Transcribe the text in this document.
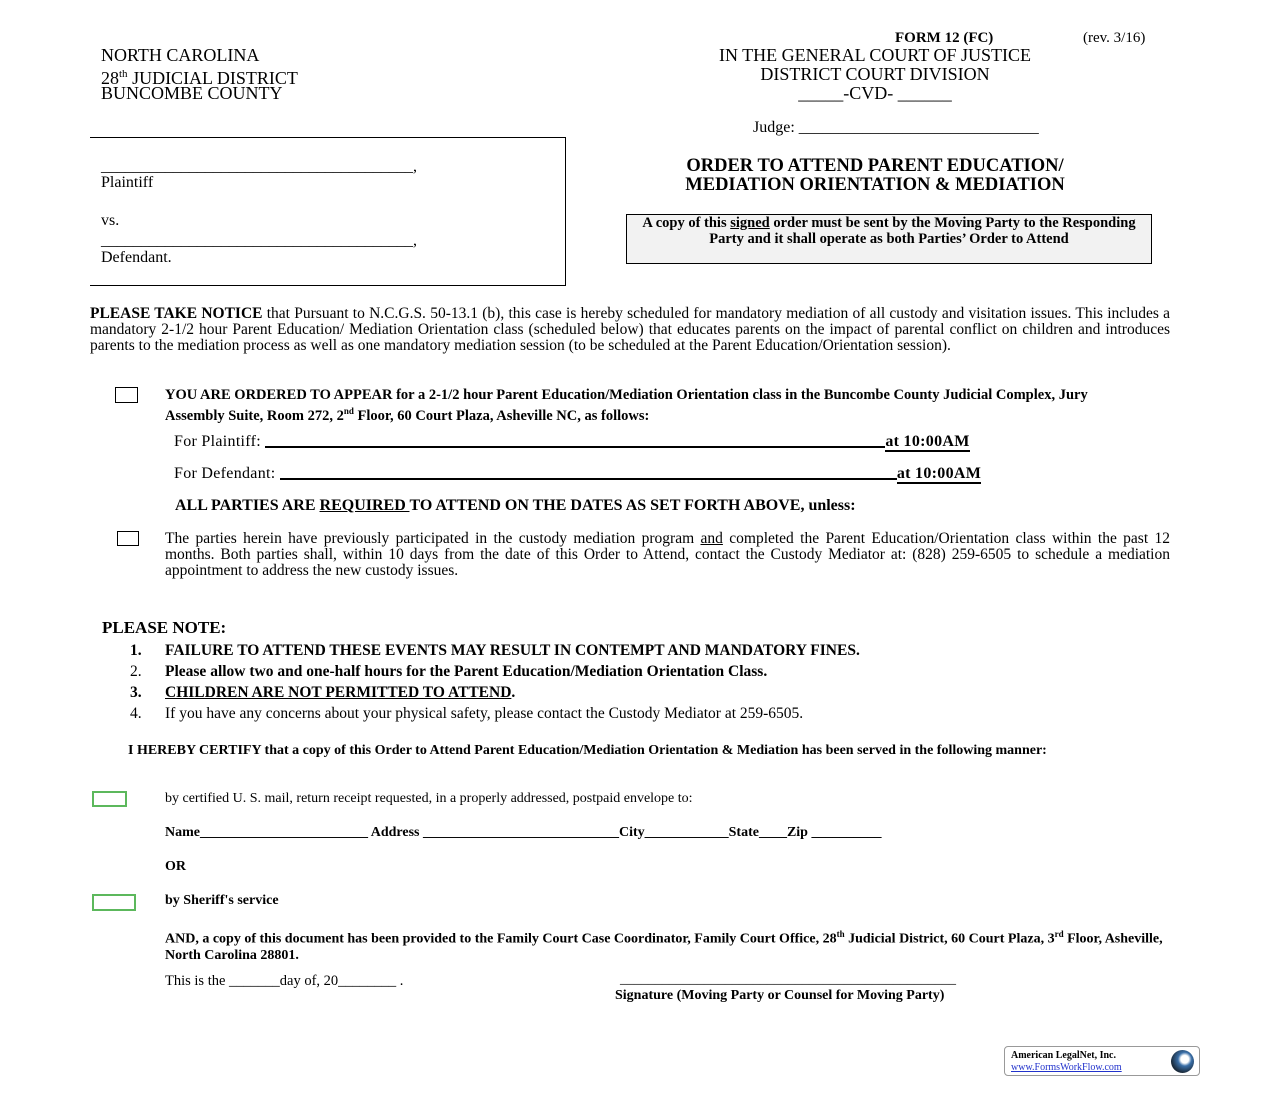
FORM 12 (FC)	(rev. 3/16)
NORTH CAROLINA
28th JUDICIAL DISTRICT
BUNCOMBE COUNTY
IN THE GENERAL COURT OF JUSTICE
DISTRICT COURT DIVISION
_____-CVD- ______
Judge: ______________________________
_______________________________________,
Plaintiff
vs.
_______________________________________,
Defendant.
ORDER TO ATTEND PARENT EDUCATION/
MEDIATION ORIENTATION & MEDIATION
A copy of this signed order must be sent by the Moving Party to the Responding Party and it shall operate as both Parties’ Order to Attend
PLEASE TAKE NOTICE that Pursuant to N.C.G.S. 50-13.1 (b), this case is hereby scheduled for mandatory mediation of all custody and visitation issues. This includes a mandatory 2-1/2 hour Parent Education/ Mediation Orientation class (scheduled below) that educates parents on the impact of parental conflict on children and introduces parents to the mediation process as well as one mandatory mediation session (to be scheduled at the Parent Education/Orientation session).
YOU ARE ORDERED TO APPEAR for a 2-1/2 hour Parent Education/Mediation Orientation class in the Buncombe County Judicial Complex, Jury Assembly Suite, Room 272, 2nd Floor, 60 Court Plaza, Asheville NC, as follows:
For Plaintiff:	at 10:00AM
For Defendant:	at 10:00AM
ALL PARTIES ARE REQUIRED TO ATTEND ON THE DATES AS SET FORTH ABOVE, unless:
The parties herein have previously participated in the custody mediation program and completed the Parent Education/Orientation class within the past 12 months. Both parties shall, within 10 days from the date of this Order to Attend, contact the Custody Mediator at: (828) 259-6505 to schedule a mediation appointment to address the new custody issues.
PLEASE NOTE:
1. FAILURE TO ATTEND THESE EVENTS MAY RESULT IN CONTEMPT AND MANDATORY FINES.
2. Please allow two and one-half hours for the Parent Education/Mediation Orientation Class.
3. CHILDREN ARE NOT PERMITTED TO ATTEND.
4. If you have any concerns about your physical safety, please contact the Custody Mediator at 259-6505.
I HEREBY CERTIFY that a copy of this Order to Attend Parent Education/Mediation Orientation & Mediation has been served in the following manner:
by certified U. S. mail, return receipt requested, in a properly addressed, postpaid envelope to:
Name________________________ Address ____________________________City____________State____Zip __________
OR
by Sheriff's service
AND, a copy of this document has been provided to the Family Court Case Coordinator, Family Court Office, 28th Judicial District, 60 Court Plaza, 3rd Floor, Asheville, North Carolina 28801.
This is the _______day of, 20________ .	________________________________________________
Signature (Moving Party or Counsel for Moving Party)
American LegalNet, Inc.
www.FormsWorkFlow.com
